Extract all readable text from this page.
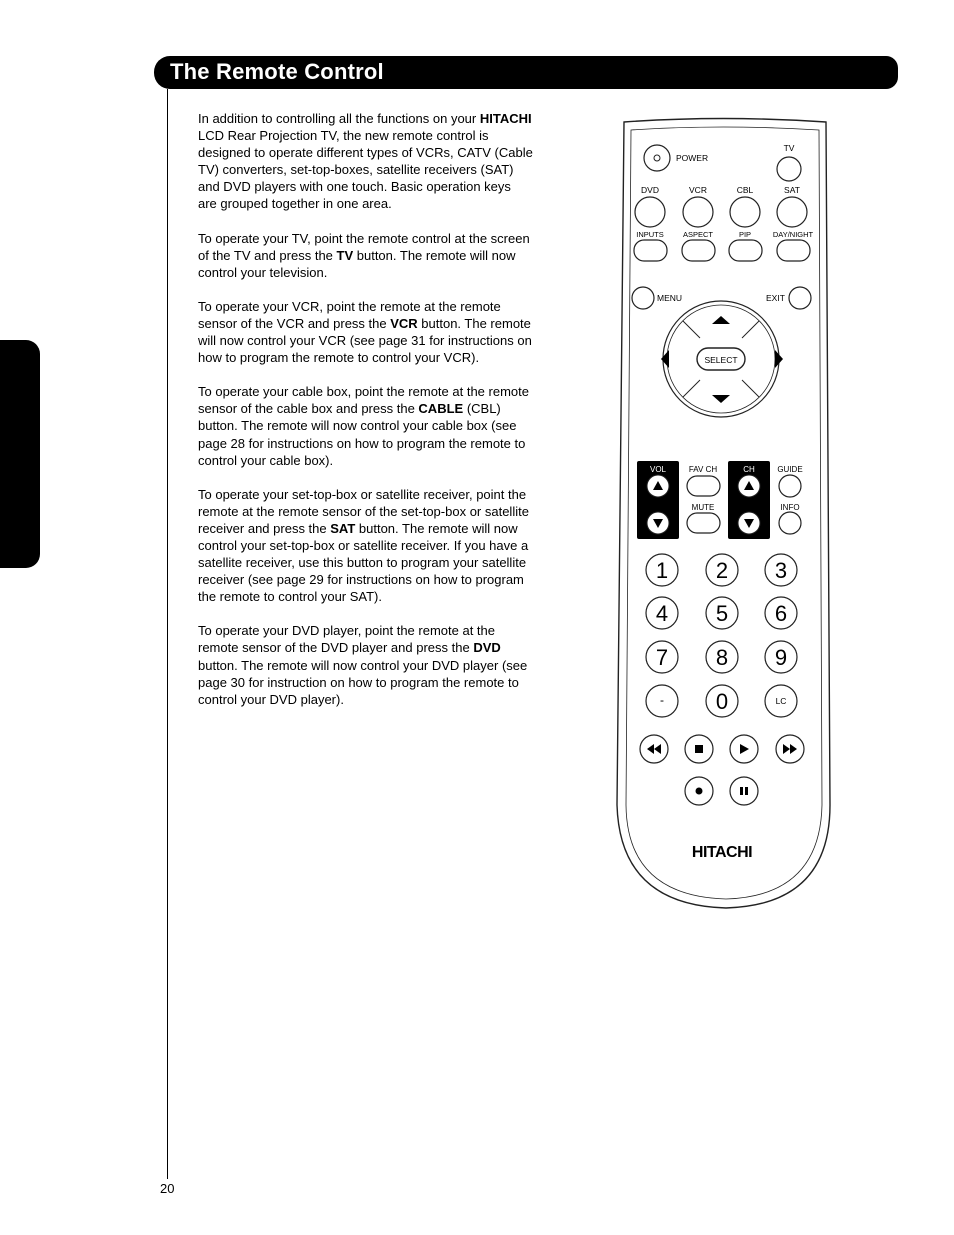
The Remote Control

In addition to controlling all the functions on your HITACHI LCD Rear Projection TV, the new remote control is designed to operate different types of VCRs, CATV (Cable TV) converters, set-top-boxes, satellite receivers (SAT) and DVD players with one touch. Basic operation keys are grouped together in one area.

To operate your TV, point the remote control at the screen of the TV and press the TV button. The remote will now control your television.

To operate your VCR, point the remote at the remote sensor of the VCR and press the VCR button. The remote will now control your VCR (see page 31 for instructions on how to program the remote to control your VCR).

To operate your cable box, point the remote at the remote sensor of the cable box and press the CABLE (CBL) button. The remote will now control your cable box (see page 28 for instructions on how to program the remote to control your cable box).

To operate your set-top-box or satellite receiver, point the remote at the remote sensor of the set-top-box or satellite receiver and press the SAT button. The remote will now control your set-top-box or satellite receiver. If you have a satellite receiver, use this button to program your satellite receiver (see page 29 for instructions on how to program the remote to control your SAT).

To operate your DVD player, point the remote at the remote sensor of the DVD player and press the DVD button. The remote will now control your DVD player (see page 30 for instruction on how to program the remote to control your DVD player).

20
POWER
TV
DVD	VCR	CBL	SAT
INPUTS	ASPECT	PIP	DAY/NIGHT
MENU	EXIT
SELECT
VOL	CH
FAV CH
MUTE
GUIDE
INFO
1 2 3
4 5 6
7 8 9
- 0	LC
HITACHI
